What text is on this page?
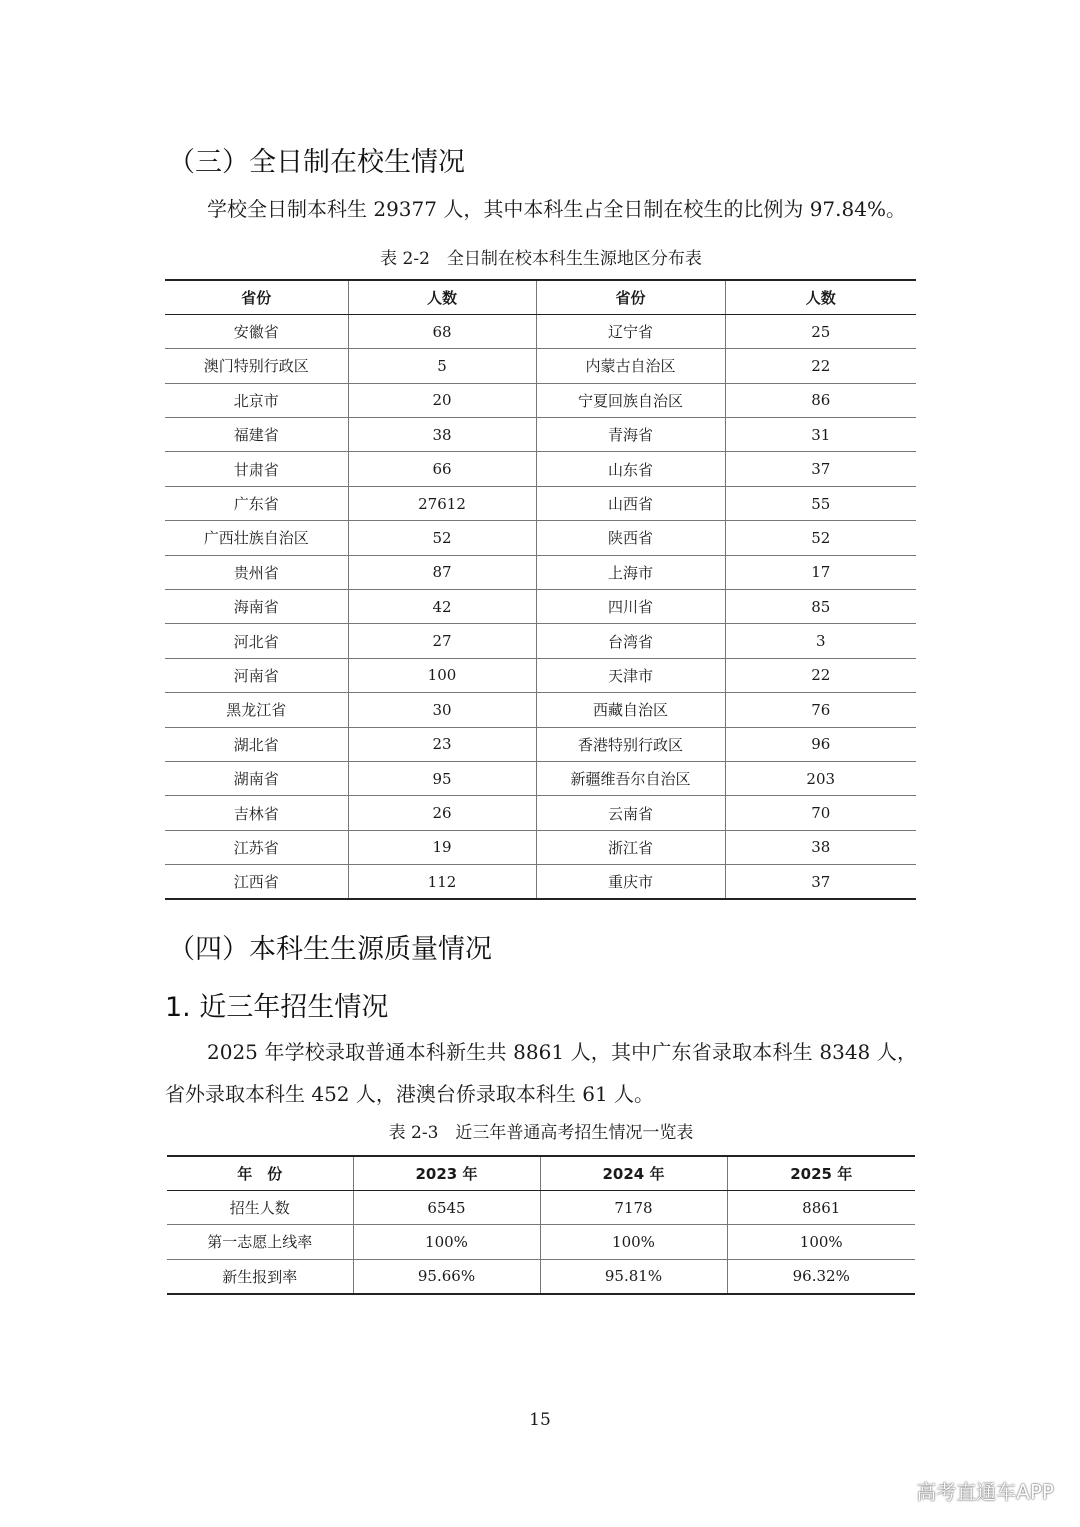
（三）全日制在校生情况
学校全日制本科生 29377 人，其中本科生占全日制在校生的比例为 97.84%。
表 2-2　全日制在校本科生生源地区分布表
省份	人数	省份	人数
安徽省	68	辽宁省	25
澳门特别行政区	5	内蒙古自治区	22
北京市	20	宁夏回族自治区	86
福建省	38	青海省	31
甘肃省	66	山东省	37
广东省	27612	山西省	55
广西壮族自治区	52	陕西省	52
贵州省	87	上海市	17
海南省	42	四川省	85
河北省	27	台湾省	3
河南省	100	天津市	22
黑龙江省	30	西藏自治区	76
湖北省	23	香港特别行政区	96
湖南省	95	新疆维吾尔自治区	203
吉林省	26	云南省	70
江苏省	19	浙江省	38
江西省	112	重庆市	37
（四）本科生生源质量情况
1. 近三年招生情况
2025 年学校录取普通本科新生共 8861 人，其中广东省录取本科生 8348 人，省外录取本科生 452 人，港澳台侨录取本科生 61 人。
表 2-3　近三年普通高考招生情况一览表
年　份	2023 年	2024 年	2025 年
招生人数	6545	7178	8861
第一志愿上线率	100%	100%	100%
新生报到率	95.66%	95.81%	96.32%
15
高考直通车APP
